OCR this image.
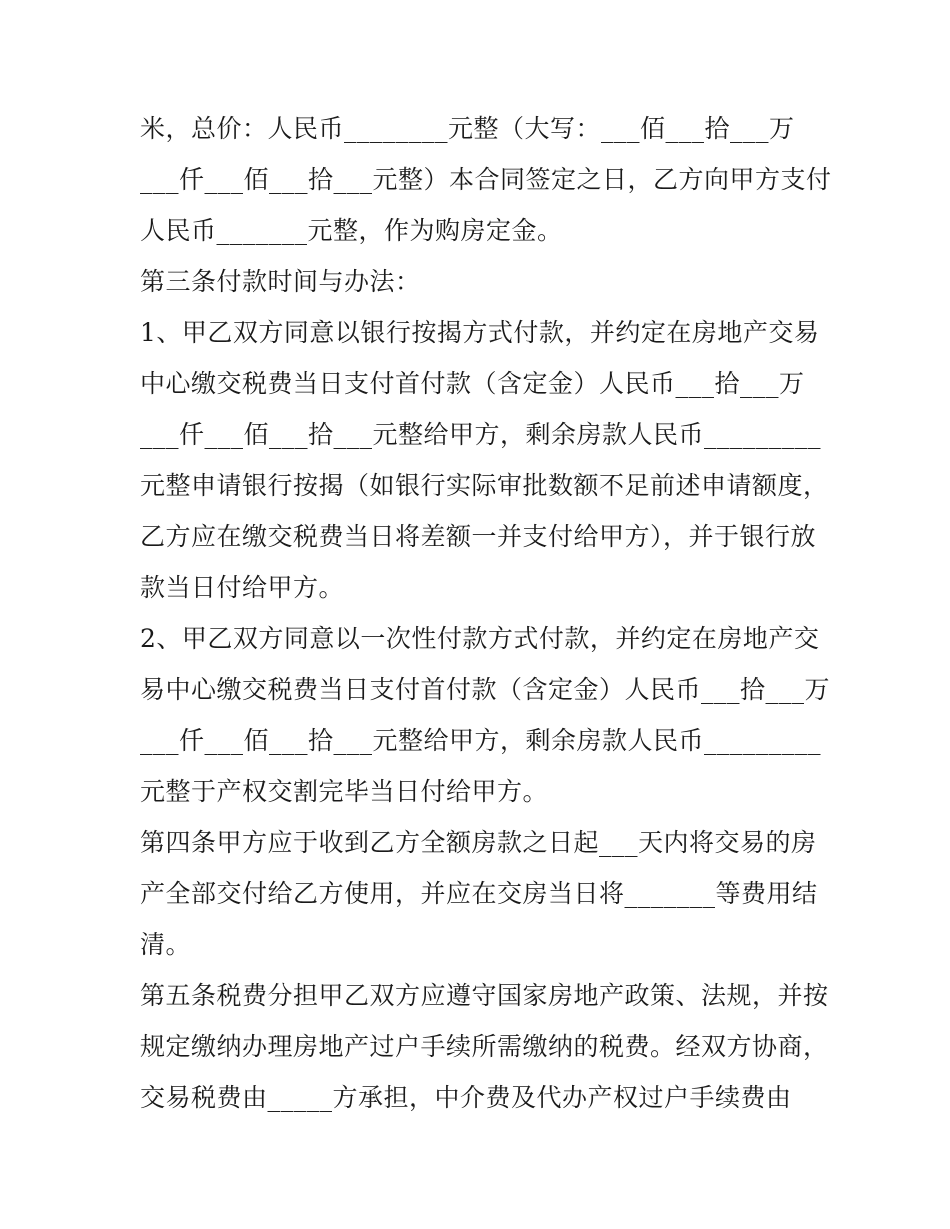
米，总价：人民币________元整（大写：___佰___拾___万
___仟___佰___拾___元整）本合同签定之日，乙方向甲方支付
人民币_______元整，作为购房定金。
第三条付款时间与办法：
1、甲乙双方同意以银行按揭方式付款，并约定在房地产交易
中心缴交税费当日支付首付款（含定金）人民币___拾___万
___仟___佰___拾___元整给甲方，剩余房款人民币_________
元整申请银行按揭（如银行实际审批数额不足前述申请额度，
乙方应在缴交税费当日将差额一并支付给甲方），并于银行放
款当日付给甲方。
2、甲乙双方同意以一次性付款方式付款，并约定在房地产交
易中心缴交税费当日支付首付款（含定金）人民币___拾___万
___仟___佰___拾___元整给甲方，剩余房款人民币_________
元整于产权交割完毕当日付给甲方。
第四条甲方应于收到乙方全额房款之日起___天内将交易的房
产全部交付给乙方使用，并应在交房当日将_______等费用结
清。
第五条税费分担甲乙双方应遵守国家房地产政策、法规，并按
规定缴纳办理房地产过户手续所需缴纳的税费。经双方协商，
交易税费由_____方承担，中介费及代办产权过户手续费由
